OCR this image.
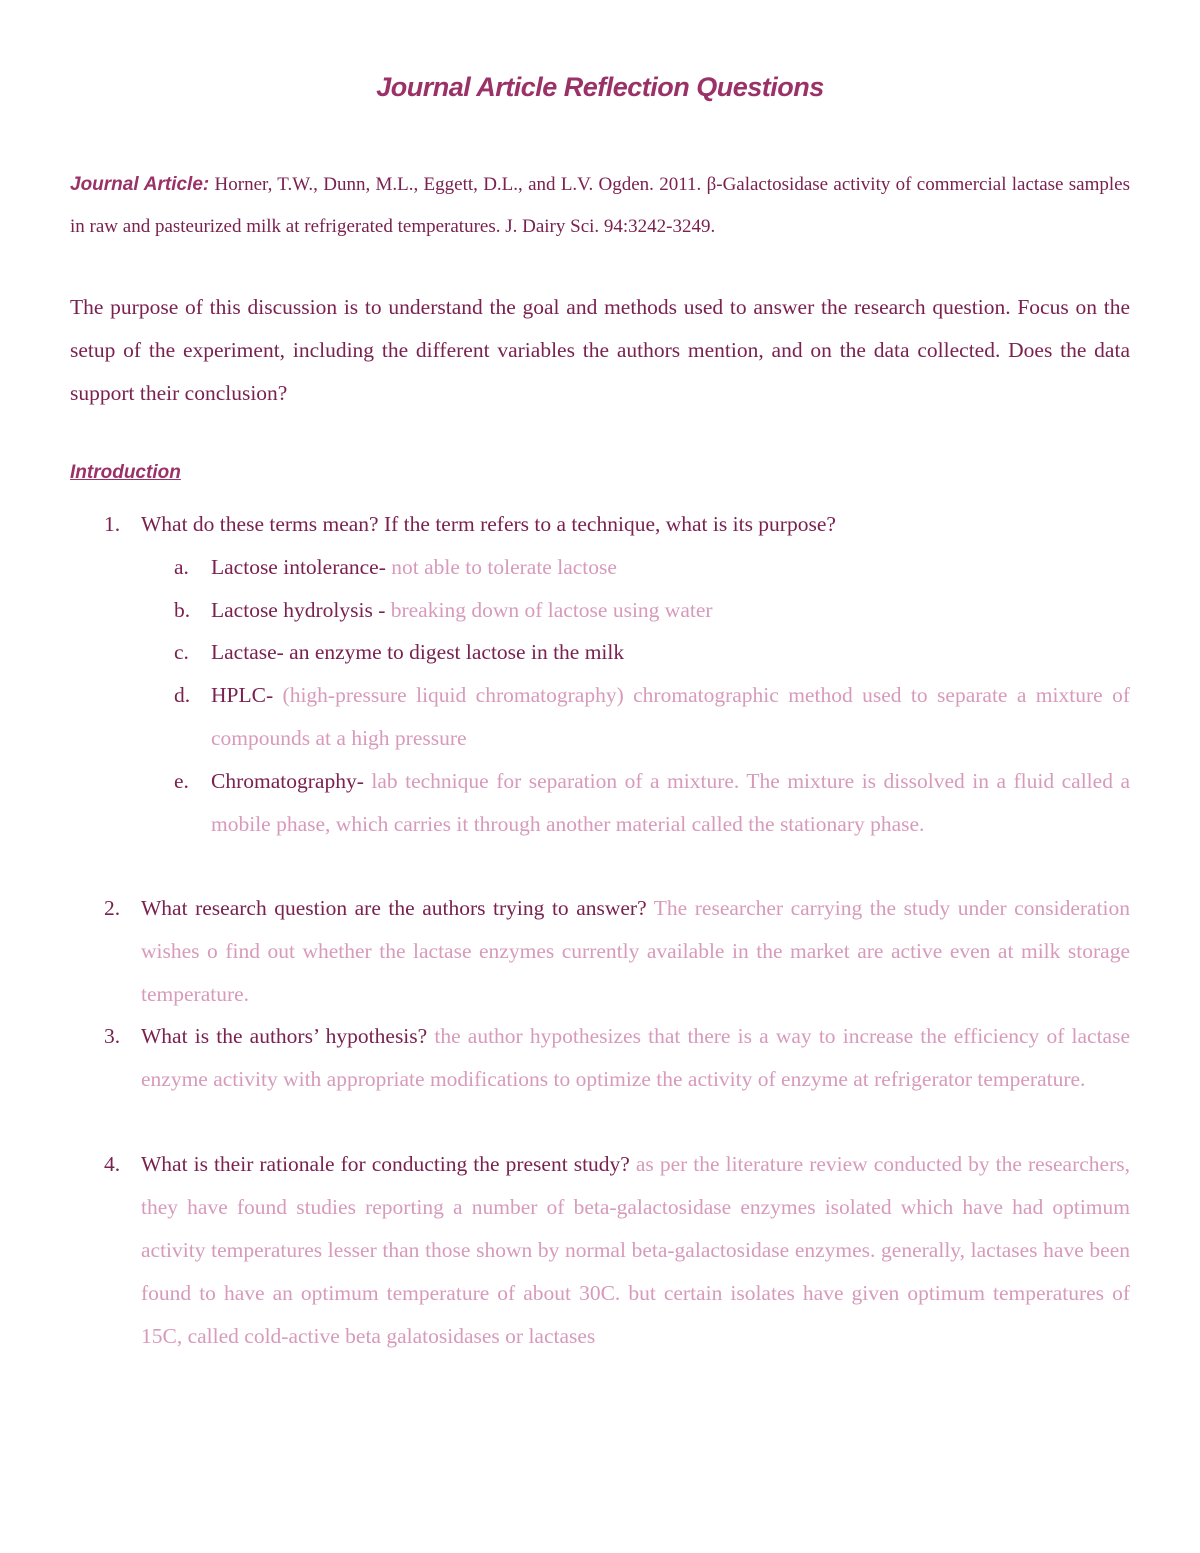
Journal Article Reflection Questions
Journal Article: Horner, T.W., Dunn, M.L., Eggett, D.L., and L.V. Ogden. 2011. β-Galactosidase activity of commercial lactase samples in raw and pasteurized milk at refrigerated temperatures. J. Dairy Sci. 94:3242-3249.
The purpose of this discussion is to understand the goal and methods used to answer the research question. Focus on the setup of the experiment, including the different variables the authors mention, and on the data collected. Does the data support their conclusion?
Introduction
1. What do these terms mean? If the term refers to a technique, what is its purpose?
a.	Lactose intolerance- not able to tolerate lactose
b. Lactose hydrolysis - breaking down of lactose using water
c.	Lactase- an enzyme to digest lactose in the milk
d. HPLC- (high-pressure liquid chromatography) chromatographic method used to separate a mixture of compounds at a high pressure
e.	Chromatography- lab technique for separation of a mixture. The mixture is dissolved in a fluid called a mobile phase, which carries it through another material called the stationary phase.
2. What research question are the authors trying to answer? The researcher carrying the study under consideration wishes o find out whether the lactase enzymes currently available in the market are active even at milk storage temperature.
3. What is the authors’ hypothesis? the author hypothesizes that there is a way to increase the efficiency of lactase enzyme activity with appropriate modifications to optimize the activity of enzyme at refrigerator temperature.
4. What is their rationale for conducting the present study? as per the literature review conducted by the researchers, they have found studies reporting a number of beta-galactosidase enzymes isolated which have had optimum activity temperatures lesser than those shown by normal beta-galactosidase enzymes. generally, lactases have been found to have an optimum temperature of about 30C. but certain isolates have given optimum temperatures of 15C, called cold-active beta galatosidases or lactases
